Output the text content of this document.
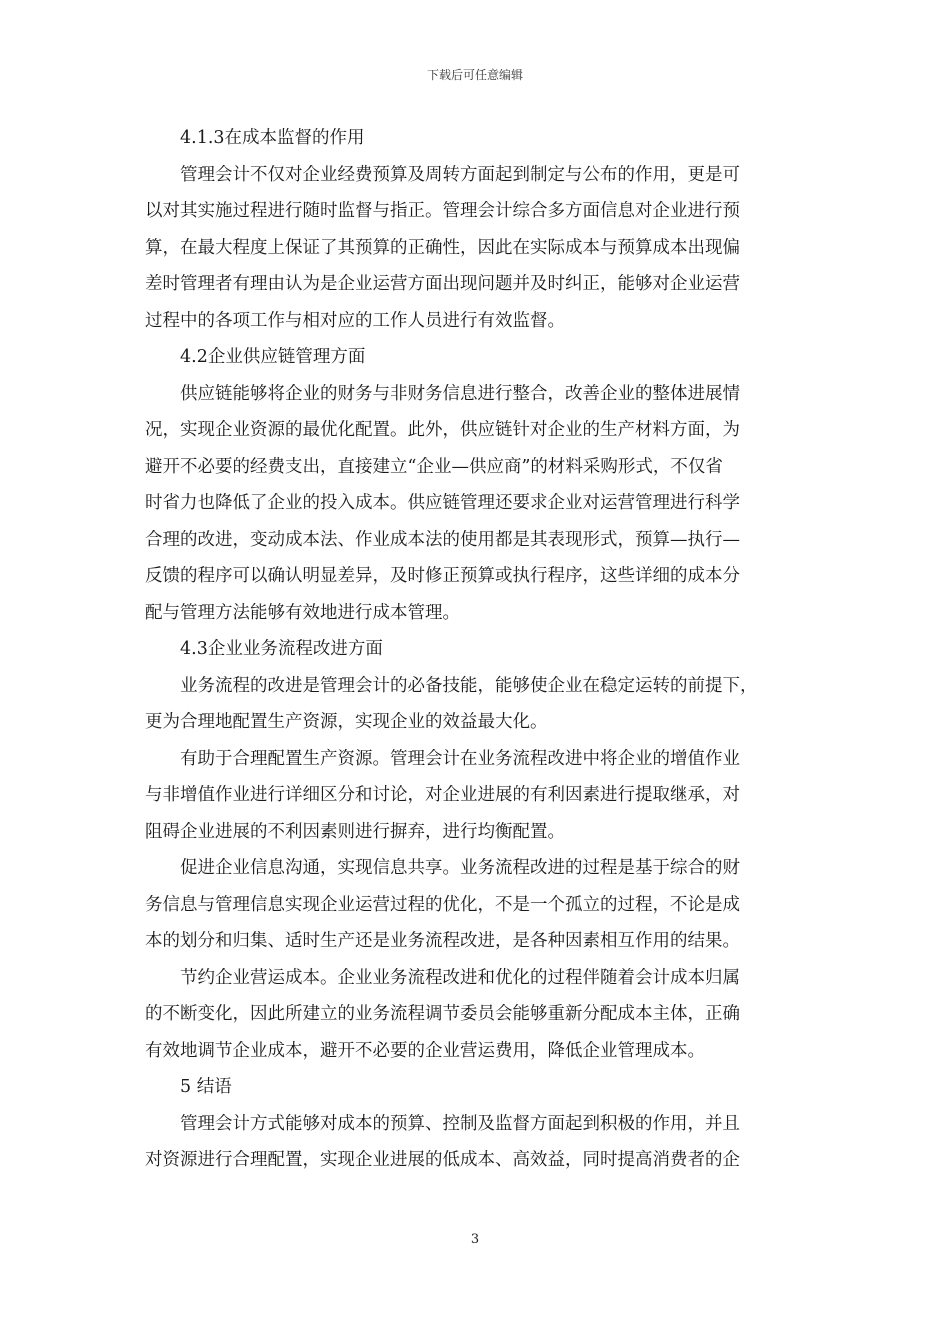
下载后可任意编辑
4.1.3在成本监督的作用
管理会计不仅对企业经费预算及周转方面起到制定与公布的作用，更是可
以对其实施过程进行随时监督与指正。管理会计综合多方面信息对企业进行预
算，在最大程度上保证了其预算的正确性，因此在实际成本与预算成本出现偏
差时管理者有理由认为是企业运营方面出现问题并及时纠正，能够对企业运营
过程中的各项工作与相对应的工作人员进行有效监督。
4.2企业供应链管理方面
供应链能够将企业的财务与非财务信息进行整合，改善企业的整体进展情
况，实现企业资源的最优化配置。此外，供应链针对企业的生产材料方面，为
避开不必要的经费支出，直接建立“企业—供应商”的材料采购形式，不仅省
时省力也降低了企业的投入成本。供应链管理还要求企业对运营管理进行科学
合理的改进，变动成本法、作业成本法的使用都是其表现形式，预算—执行—
反馈的程序可以确认明显差异，及时修正预算或执行程序，这些详细的成本分
配与管理方法能够有效地进行成本管理。
4.3企业业务流程改进方面
业务流程的改进是管理会计的必备技能，能够使企业在稳定运转的前提下，
更为合理地配置生产资源，实现企业的效益最大化。
有助于合理配置生产资源。管理会计在业务流程改进中将企业的增值作业
与非增值作业进行详细区分和讨论，对企业进展的有利因素进行提取继承，对
阻碍企业进展的不利因素则进行摒弃，进行均衡配置。
促进企业信息沟通，实现信息共享。业务流程改进的过程是基于综合的财
务信息与管理信息实现企业运营过程的优化，不是一个孤立的过程，不论是成
本的划分和归集、适时生产还是业务流程改进，是各种因素相互作用的结果。
节约企业营运成本。企业业务流程改进和优化的过程伴随着会计成本归属
的不断变化，因此所建立的业务流程调节委员会能够重新分配成本主体，正确
有效地调节企业成本，避开不必要的企业营运费用，降低企业管理成本。
5 结语
管理会计方式能够对成本的预算、控制及监督方面起到积极的作用，并且
对资源进行合理配置，实现企业进展的低成本、高效益，同时提高消费者的企
3
